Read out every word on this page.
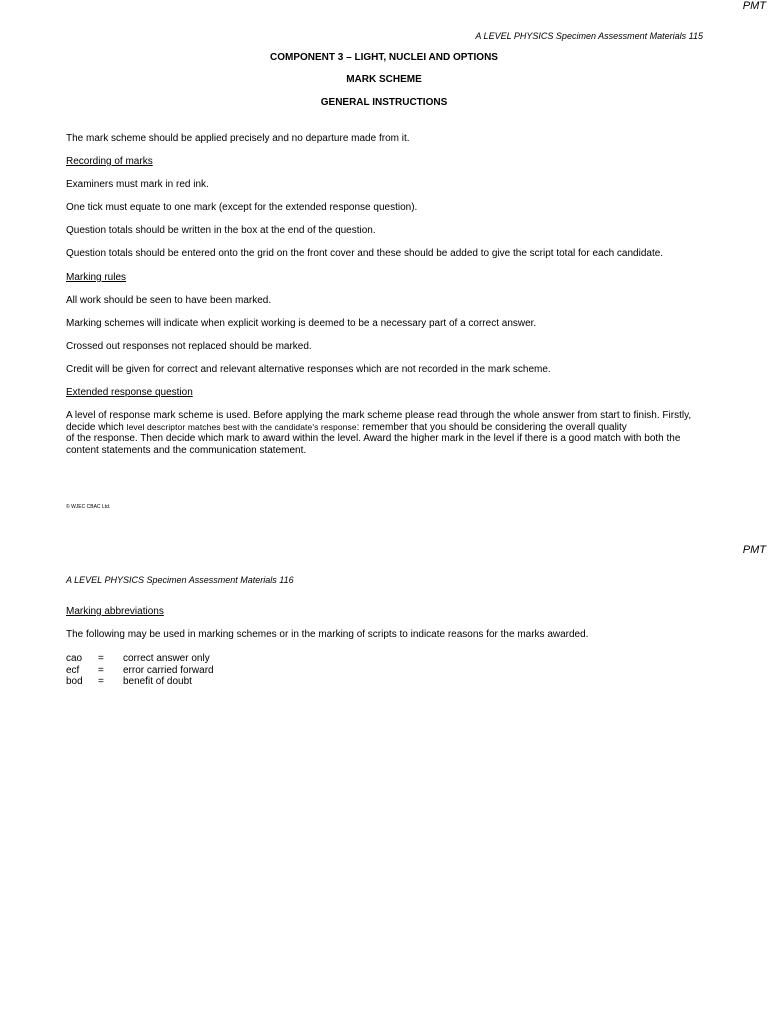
PMT
A LEVEL PHYSICS Specimen Assessment Materials 115
COMPONENT 3 – LIGHT, NUCLEI AND OPTIONS
MARK SCHEME
GENERAL INSTRUCTIONS
The mark scheme should be applied precisely and no departure made from it.
Recording of marks
Examiners must mark in red ink.
One tick must equate to one mark (except for the extended response question).
Question totals should be written in the box at the end of the question.
Question totals should be entered onto the grid on the front cover and these should be added to give the script total for each candidate.
Marking rules
All work should be seen to have been marked.
Marking schemes will indicate when explicit working is deemed to be a necessary part of a correct answer.
Crossed out responses not replaced should be marked.
Credit will be given for correct and relevant alternative responses which are not recorded in the mark scheme.
Extended response question
A level of response mark scheme is used. Before applying the mark scheme please read through the whole answer from start to finish. Firstly,
decide which level descriptor matches best with the candidate's response: remember that you should be considering the overall quality
of the response. Then decide which mark to award within the level. Award the higher mark in the level if there is a good match with both the
content statements and the communication statement.
© WJEC CBAC Ltd.
PMT
A LEVEL PHYSICS Specimen Assessment Materials 116
Marking abbreviations
The following may be used in marking schemes or in the marking of scripts to indicate reasons for the marks awarded.
cao = correct answer only
ecf = error carried forward
bod = benefit of doubt
